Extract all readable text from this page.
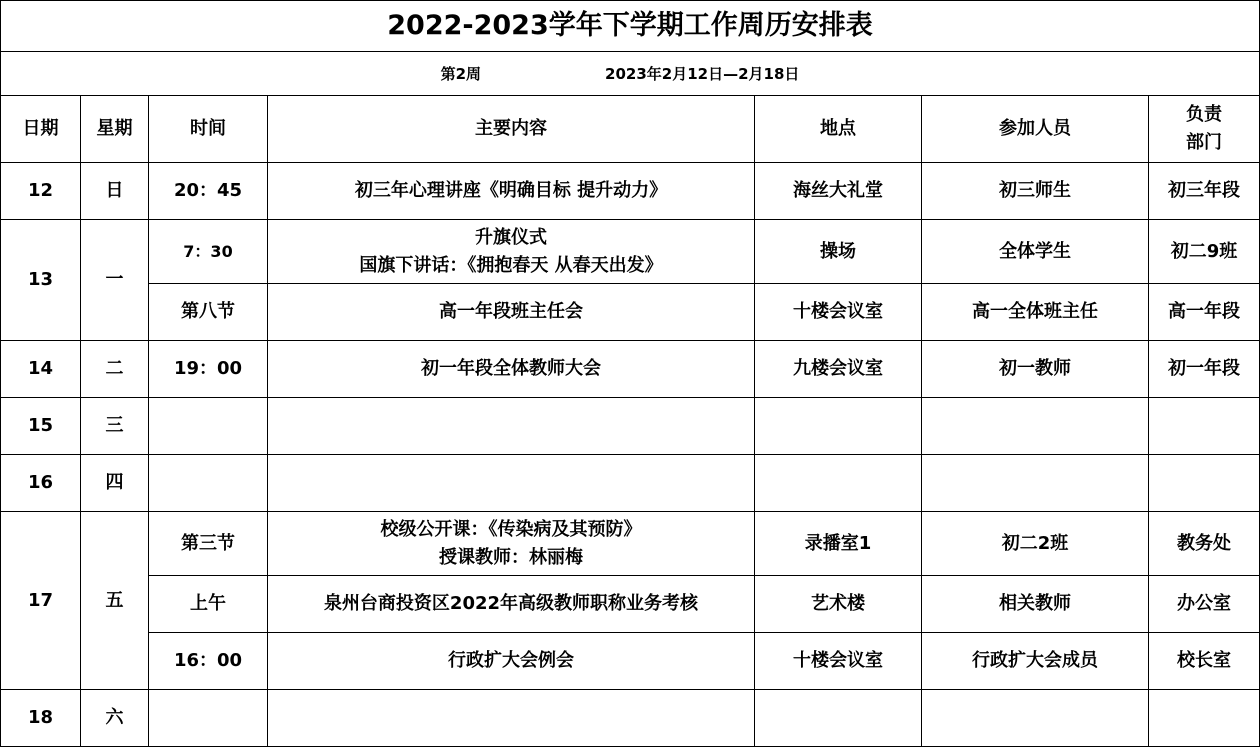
2022-2023学年下学期工作周历安排表						
第2周 2023年2月12日—2月18日						
日期	星期	时间	主要内容	地点	参加人员	负责
部门

12	日	20：45	初三年心理讲座《明确目标 提升动力》	海丝大礼堂	初三师生	初三年段
13	一	7：30	升旗仪式
国旗下讲话：《拥抱春天 从春天出发》	操场	全体学生	初二9班
		第八节	高一年段班主任会	十楼会议室	高一全体班主任	高一年段
14	二	19：00	初一年段全体教师大会	九楼会议室	初一教师	初一年段
15	三					
16	四					
17	五	第三节	校级公开课：《传染病及其预防》
授课教师：林丽梅	录播室1	初二2班	教务处
		上午	泉州台商投资区2022年高级教师职称业务考核	艺术楼	相关教师	办公室
		16：00	行政扩大会例会	十楼会议室	行政扩大会成员	校长室
18	六					
